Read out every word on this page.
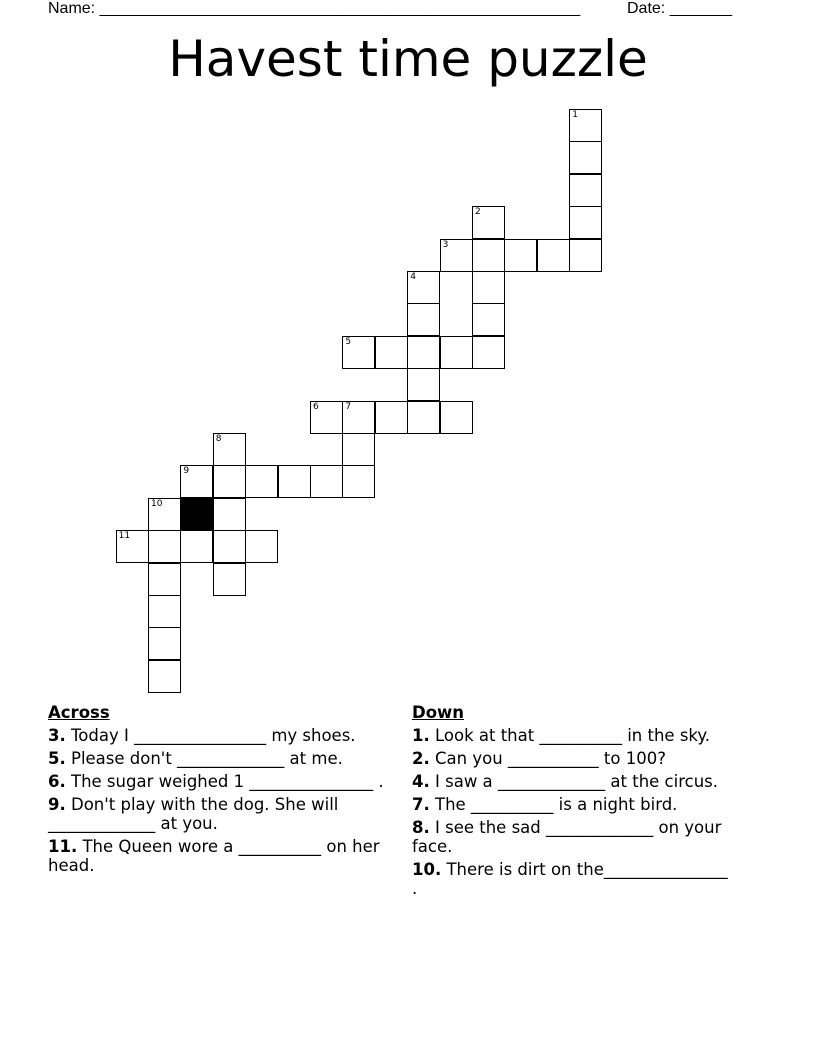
Name: ______________________________________________________	Date: _______
Havest time puzzle
1
2
3
4
5
6	7
8
9
10
11
Across
3. Today I ________________ my shoes.
5. Please don't _____________ at me.
6. The sugar weighed 1 _______________ .
9. Don't play with the dog. She will _____________ at you.
11. The Queen wore a __________ on her head.
Down
1. Look at that __________ in the sky.
2. Can you ___________ to 100?
4. I saw a _____________ at the circus.
7. The __________ is a night bird.
8. I see the sad _____________ on your face.
10. There is dirt on the_______________ .
